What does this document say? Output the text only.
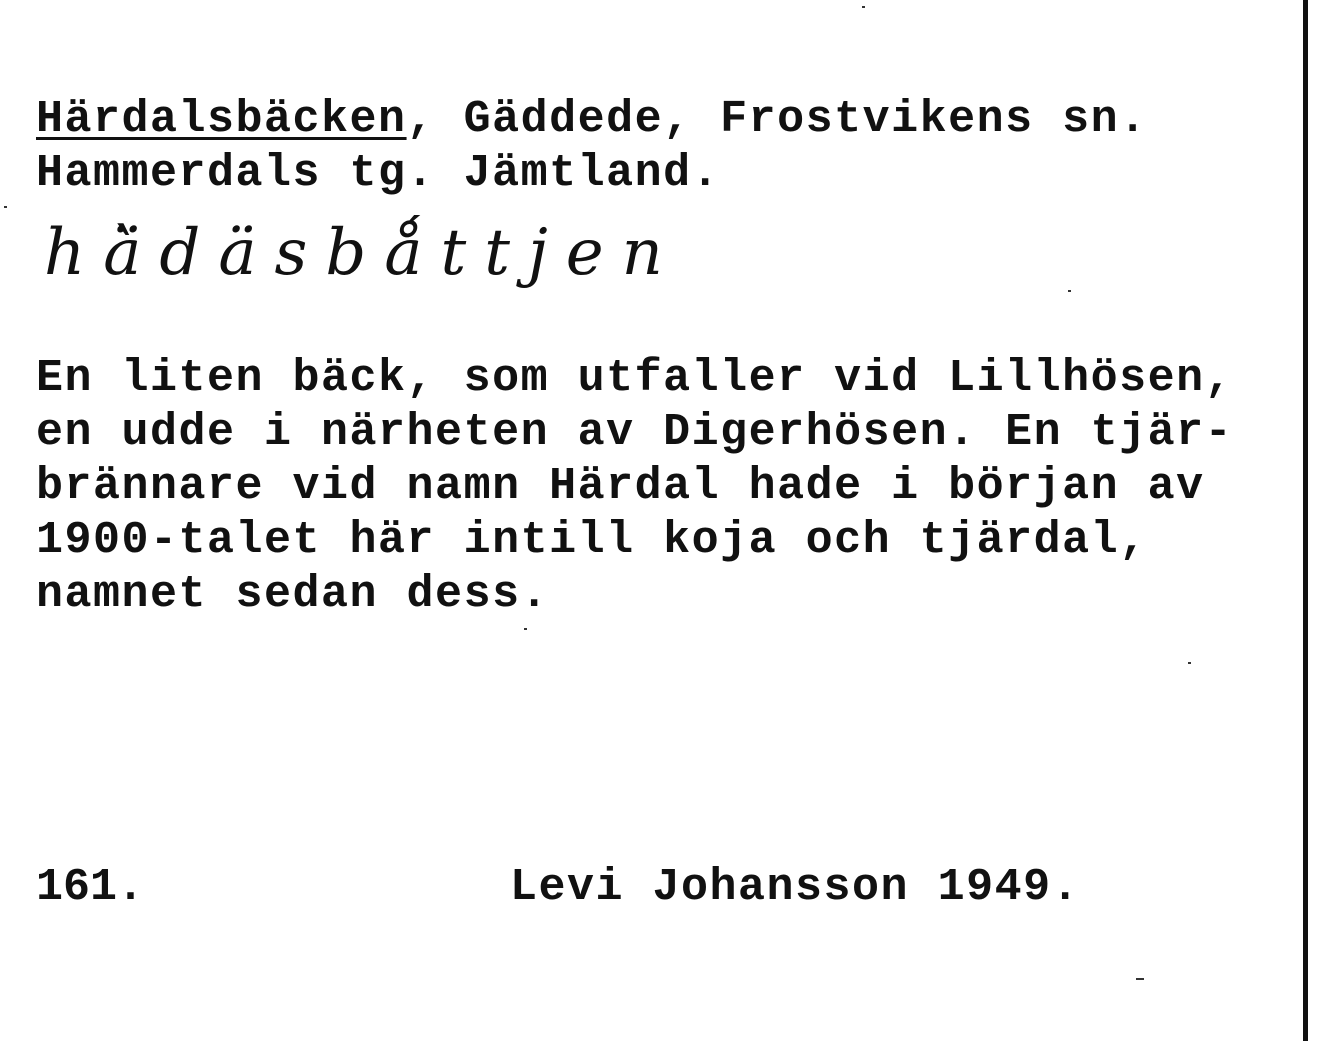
Härdalsbäcken, Gäddede, Frostvikens sn.
Hammerdals tg. Jämtland.
hä̀däsbǻttjen
En liten bäck, som utfaller vid Lillhösen,
en udde i närheten av Digerhösen. En tjär-
brännare vid namn Härdal hade i början av
1900-talet här intill koja och tjärdal,
namnet sedan dess.
161.	Levi Johansson 1949.
